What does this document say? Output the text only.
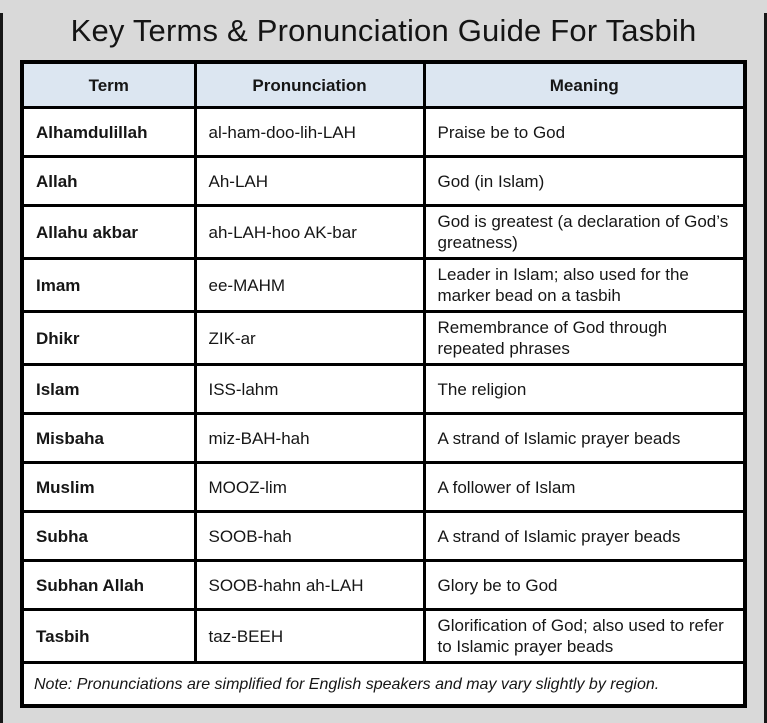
Key Terms & Pronunciation Guide For Tasbih
Term	Pronunciation	Meaning
Alhamdulillah	al-ham-doo-lih-LAH	Praise be to God
Allah	Ah-LAH	God (in Islam)
Allahu akbar	ah-LAH-hoo AK-bar	God is greatest (a declaration of God’s greatness)
Imam	ee-MAHM	Leader in Islam; also used for the marker bead on a tasbih
Dhikr	ZIK-ar	Remembrance of God through repeated phrases
Islam	ISS-lahm	The religion
Misbaha	miz-BAH-hah	A strand of Islamic prayer beads
Muslim	MOOZ-lim	A follower of Islam
Subha	SOOB-hah	A strand of Islamic prayer beads
Subhan Allah	SOOB-hahn ah-LAH	Glory be to God
Tasbih	taz-BEEH	Glorification of God; also used to refer to Islamic prayer beads
Note: Pronunciations are simplified for English speakers and may vary slightly by region.		
